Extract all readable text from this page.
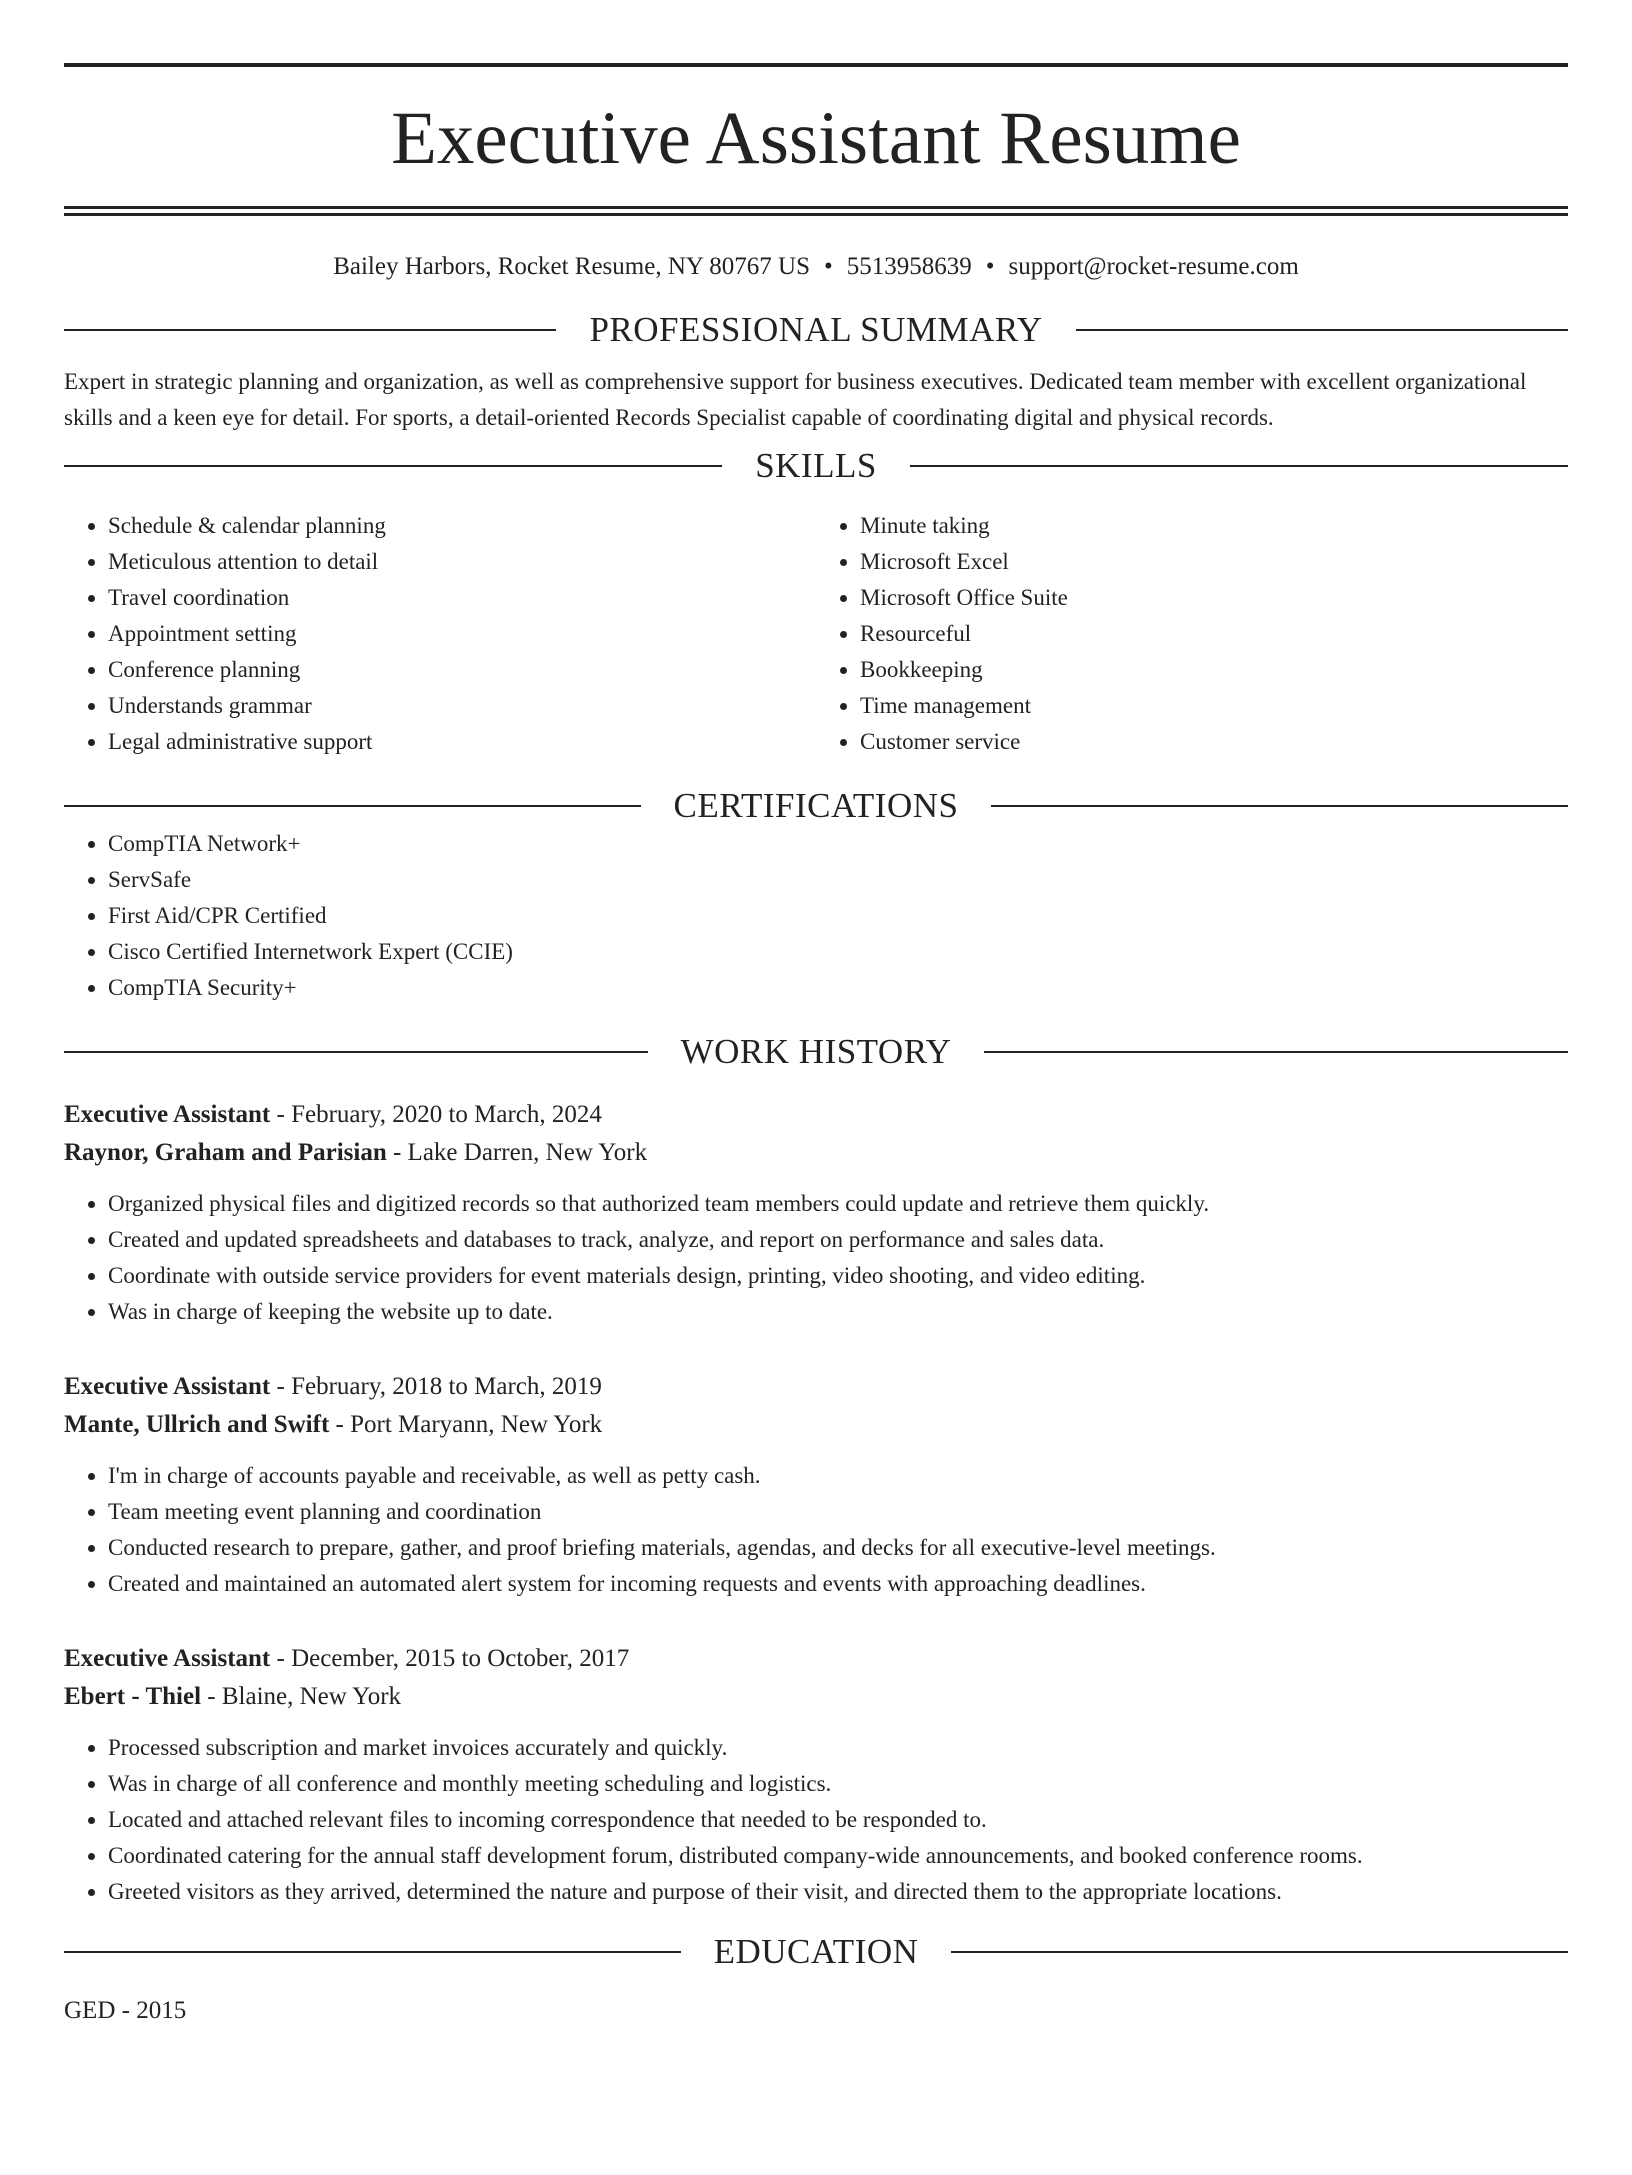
Executive Assistant Resume
Bailey Harbors, Rocket Resume, NY 80767 US • 5513958639 • support@rocket-resume.com
PROFESSIONAL SUMMARY
Expert in strategic planning and organization, as well as comprehensive support for business executives. Dedicated team member with excellent organizational skills and a keen eye for detail. For sports, a detail-oriented Records Specialist capable of coordinating digital and physical records.
SKILLS
• Schedule & calendar planning
• Meticulous attention to detail
• Travel coordination
• Appointment setting
• Conference planning
• Understands grammar
• Legal administrative support
• Minute taking
• Microsoft Excel
• Microsoft Office Suite
• Resourceful
• Bookkeeping
• Time management
• Customer service
CERTIFICATIONS
• CompTIA Network+
• ServSafe
• First Aid/CPR Certified
• Cisco Certified Internetwork Expert (CCIE)
• CompTIA Security+
WORK HISTORY
Executive Assistant - February, 2020 to March, 2024
Raynor, Graham and Parisian - Lake Darren, New York
• Organized physical files and digitized records so that authorized team members could update and retrieve them quickly.
• Created and updated spreadsheets and databases to track, analyze, and report on performance and sales data.
• Coordinate with outside service providers for event materials design, printing, video shooting, and video editing.
• Was in charge of keeping the website up to date.
Executive Assistant - February, 2018 to March, 2019
Mante, Ullrich and Swift - Port Maryann, New York
• I'm in charge of accounts payable and receivable, as well as petty cash.
• Team meeting event planning and coordination
• Conducted research to prepare, gather, and proof briefing materials, agendas, and decks for all executive-level meetings.
• Created and maintained an automated alert system for incoming requests and events with approaching deadlines.
Executive Assistant - December, 2015 to October, 2017
Ebert - Thiel - Blaine, New York
• Processed subscription and market invoices accurately and quickly.
• Was in charge of all conference and monthly meeting scheduling and logistics.
• Located and attached relevant files to incoming correspondence that needed to be responded to.
• Coordinated catering for the annual staff development forum, distributed company-wide announcements, and booked conference rooms.
• Greeted visitors as they arrived, determined the nature and purpose of their visit, and directed them to the appropriate locations.
EDUCATION
GED - 2015
